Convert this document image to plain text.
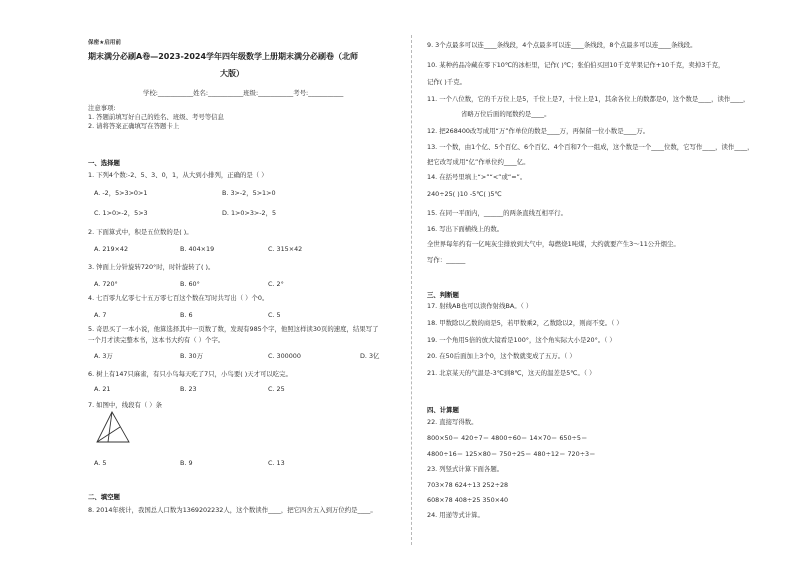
保密★启用前
期末满分必刷A卷—2023-2024学年四年级数学上册期末满分必刷卷（北师
大版）
学校:___________姓名:___________班级:___________考号:___________
注意事项:
1. 答题前填写好自己的姓名、班级、考号等信息
2. 请将答案正确填写在答题卡上
一、选择题
1. 下列4个数:-2、5、3、0，1，从大到小排列，正确的是（ ）
A. -2，5>3>0>1	B. 3>-2，5>1>0
C. 1>0>-2，5>3	D. 1>0>3>-2，5
2. 下面算式中，积是五位数的是( )。
A. 219×42	B. 404×19	C. 315×42
3. 钟面上分针旋转720°时，时针旋转了( )。
A. 720°	B. 60°	C. 2°
4. 七百零九亿零七十五万零七百这个数在写时共写出（ ）个0。
A. 7	B. 6	C. 5
5. 奇思买了一本小说，他算选择其中一页数了数，发现有985个字，他照这样读30页的速度，结果写了
一个月才读完整本书，这本书大约有（ ）个字。
A. 3万	B. 30万	C. 300000	D. 3亿
6. 树上有147只麻雀，有只小鸟每天吃了7只，小鸟要( )天才可以吃完。
A. 21	B. 23	C. 25
7. 如图中，线段有（ ）条
A. 5	B. 9	C. 13
二、填空题
8. 2014年统计，我国总人口数为1369202232人，这个数读作____，把它四舍五入到万位约是____。
9. 3个点最多可以连____条线段，4个点最多可以连____条线段，8个点最多可以连____条线段。
10. 某种药品冷藏在零下10℃的冰柜里，记作( )℃；张伯伯买回10千克苹果记作+10千克，卖掉3千克，
记作( )千克。
11. 一个八位数，它的千万位上是5，千位上是7，十位上是1，其余各位上的数都是0，这个数是____，读作____，
省略万位后面的尾数约是____。
12. 把268400改写成用“万”作单位的数是____万，再保留一位小数是____万。
13. 一个数，由1个亿、5个百亿、6个百亿、4个百和7个一组成，这个数是一个____位数，它写作____，读作____，
把它改写成用“亿”作单位约____亿。
14. 在括号里填上“>”“<”或“=”。
240÷25( )10 -5℃( )5℃
15. 在同一平面内，______的两条直线互相平行。
16. 写出下面横线上的数。
全世界每年约有一亿吨灰尘排放到大气中，每燃烧1吨煤，大约就要产生3～11公升烟尘。
写作：______
三、判断题
17. 射线AB也可以读作射线BA。（ ）
18. 甲数除以乙数的商是5，若甲数乘2，乙数除以2，则商不变。（ ）
19. 一个角用5倍的放大镜看是100°，这个角实际大小是20°。（ ）
20. 在50后面加上3个0，这个数就变成了五万。（ ）
21. 北京某天的气温是-3℃到8℃，这天的温差是5℃。（ ）
四、计算题
22. 直接写得数。
800×50＝ 420÷7＝ 4800÷60＝ 14×70＝ 650÷5＝
4800÷16＝ 125×80＝ 750÷25＝ 480÷12＝ 720÷3＝
23. 列竖式计算下面各题。
703×78 624÷13 252÷28
608×78 408÷25 350×40
24. 用递等式计算。
